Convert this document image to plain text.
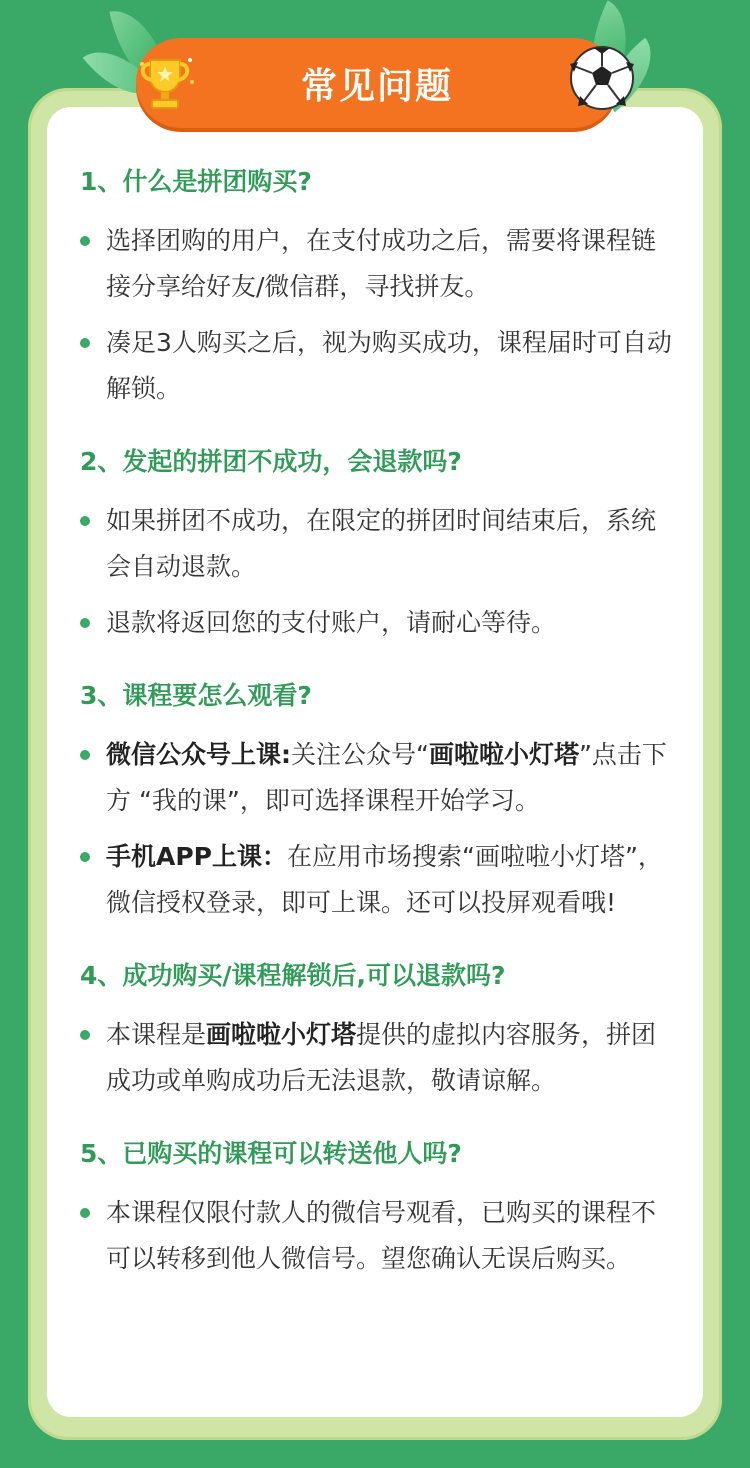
常见问题
1、什么是拼团购买?
选择团购的用户，在支付成功之后，需要将课程链接分享给好友/微信群，寻找拼友。
凑足3人购买之后，视为购买成功，课程届时可自动解锁。
2、发起的拼团不成功，会退款吗?
如果拼团不成功，在限定的拼团时间结束后，系统会自动退款。
退款将返回您的支付账户，请耐心等待。
3、课程要怎么观看?
微信公众号上课:关注公众号“画啦啦小灯塔”点击下方 “我的课”，即可选择课程开始学习。
手机APP上课：在应用市场搜索“画啦啦小灯塔”，微信授权登录，即可上课。还可以投屏观看哦!
4、成功购买/课程解锁后,可以退款吗?
本课程是画啦啦小灯塔提供的虚拟内容服务，拼团成功或单购成功后无法退款，敬请谅解。
5、已购买的课程可以转送他人吗?
本课程仅限付款人的微信号观看，已购买的课程不可以转移到他人微信号。望您确认无误后购买。
